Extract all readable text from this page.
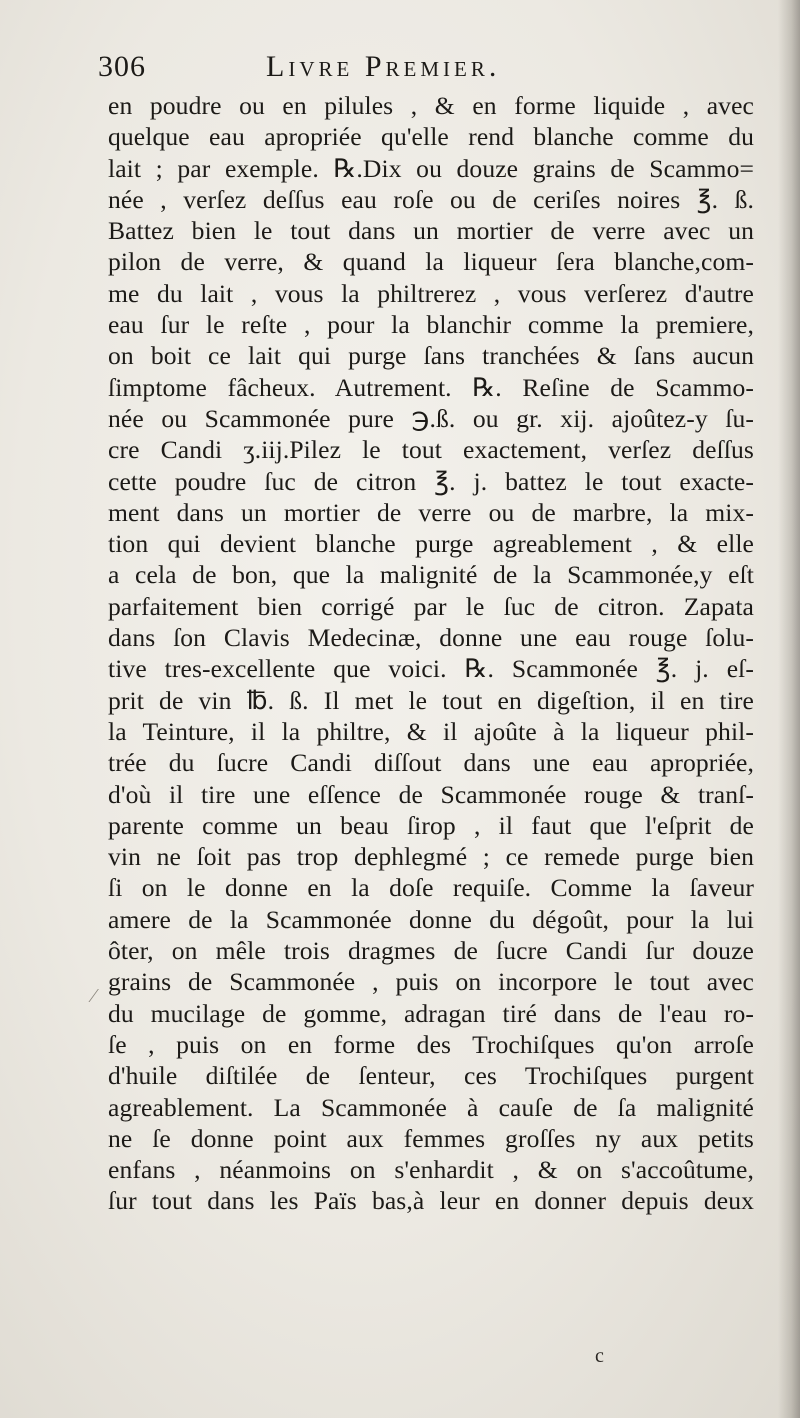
306	Livre Premier.
en poudre ou en pilules , & en forme liquide , avec
quelque eau apropriée qu'elle rend blanche comme du
lait ; par exemple. ℞.Dix ou douze grains de Scammo=
née , verſez deſſus eau roſe ou de ceriſes noires ℥. ß.
Battez bien le tout dans un mortier de verre avec un
pilon de verre, & quand la liqueur ſera blanche,com-
me du lait , vous la philtrerez , vous verſerez d'autre
eau ſur le reſte , pour la blanchir comme la premiere,
on boit ce lait qui purge ſans tranchées & ſans aucun
ſimptome fâcheux. Autrement. ℞. Reſine de Scammo-
née ou Scammonée pure ℈.ß. ou gr. xij. ajoûtez-y ſu-
cre Candi ʒ.iij.Pilez le tout exactement, verſez deſſus
cette poudre ſuc de citron ℥. j. battez le tout exacte-
ment dans un mortier de verre ou de marbre, la mix-
tion qui devient blanche purge agreablement , & elle
a cela de bon, que la malignité de la Scammonée,y eſt
parfaitement bien corrigé par le ſuc de citron. Zapata
dans ſon Clavis Medecinæ, donne une eau rouge ſolu-
tive tres-excellente que voici. ℞. Scammonée ℥. j. eſ-
prit de vin ℔. ß. Il met le tout en digeſtion, il en tire
la Teinture, il la philtre, & il ajoûte à la liqueur phil-
trée du ſucre Candi diſſout dans une eau apropriée,
d'où il tire une eſſence de Scammonée rouge & tranſ-
parente comme un beau ſirop , il faut que l'eſprit de
vin ne ſoit pas trop dephlegmé ; ce remede purge bien
ſi on le donne en la doſe requiſe. Comme la ſaveur
amere de la Scammonée donne du dégoût, pour la lui
ôter, on mêle trois dragmes de ſucre Candi ſur douze
grains de Scammonée , puis on incorpore le tout avec
du mucilage de gomme, adragan tiré dans de l'eau ro-
ſe , puis on en forme des Trochiſques qu'on arroſe
d'huile diſtilée de ſenteur, ces Trochiſques purgent
agreablement. La Scammonée à cauſe de ſa malignité
ne ſe donne point aux femmes groſſes ny aux petits
enfans , néanmoins on s'enhardit , & on s'accoûtume,
ſur tout dans les Païs bas,à leur en donner depuis deux
⁄
c
